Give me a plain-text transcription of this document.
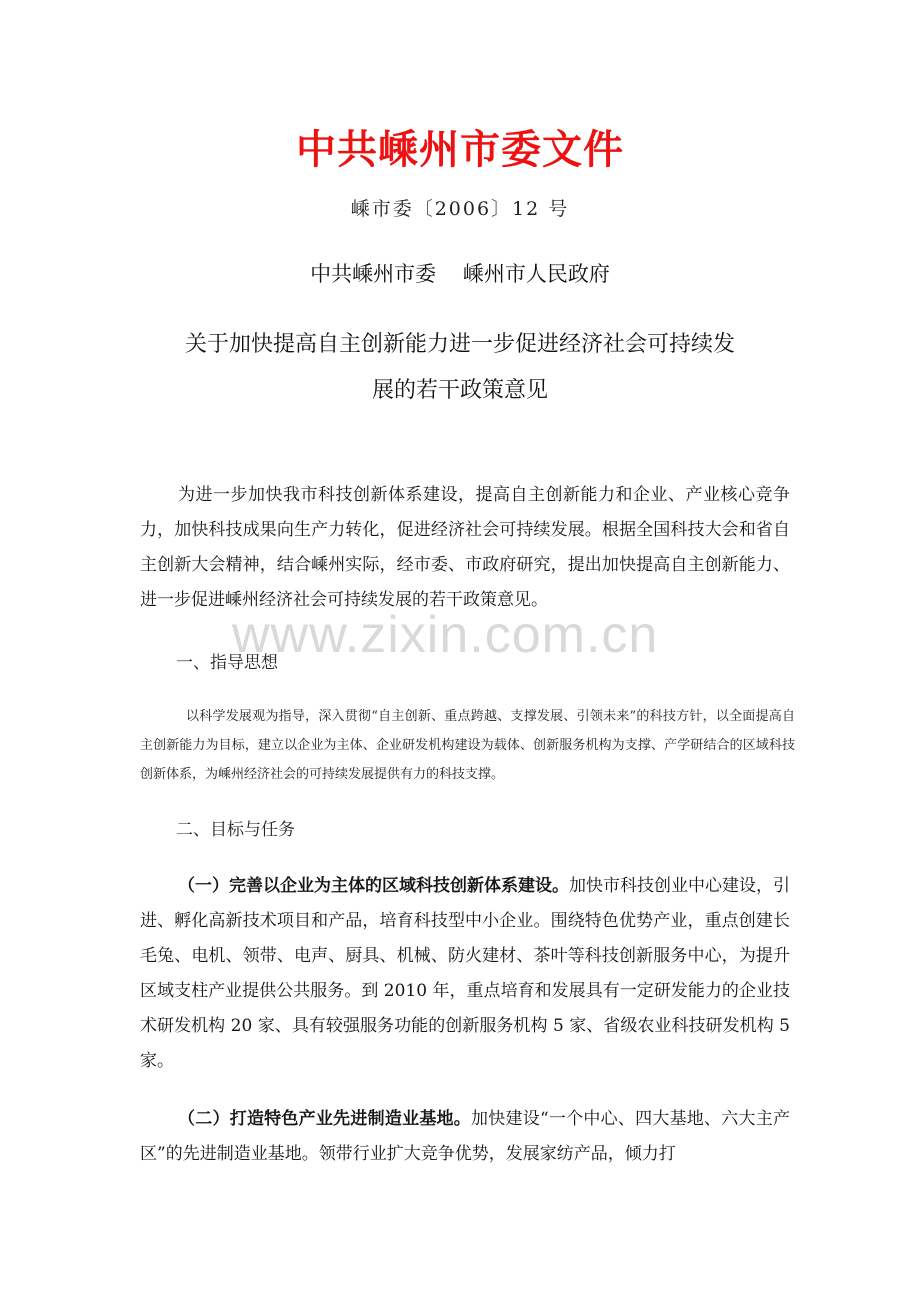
中共嵊州市委文件
嵊市委〔2006〕12 号
中共嵊州市委 嵊州市人民政府
关于加快提高自主创新能力进一步促进经济社会可持续发
展的若干政策意见
为进一步加快我市科技创新体系建设，提高自主创新能力和企业、产业核心竞争力，加快科技成果向生产力转化，促进经济社会可持续发展。根据全国科技大会和省自主创新大会精神，结合嵊州实际，经市委、市政府研究，提出加快提高自主创新能力、进一步促进嵊州经济社会可持续发展的若干政策意见。
www.zixin.com.cn
一、指导思想
以科学发展观为指导，深入贯彻“自主创新、重点跨越、支撑发展、引领未来”的科技方针，以全面提高自主创新能力为目标，建立以企业为主体、企业研发机构建设为载体、创新服务机构为支撑、产学研结合的区域科技创新体系，为嵊州经济社会的可持续发展提供有力的科技支撑。
二、目标与任务
（一）完善以企业为主体的区域科技创新体系建设。加快市科技创业中心建设，引进、孵化高新技术项目和产品，培育科技型中小企业。围绕特色优势产业，重点创建长毛兔、电机、领带、电声、厨具、机械、防火建材、茶叶等科技创新服务中心，为提升区域支柱产业提供公共服务。到 2010 年，重点培育和发展具有一定研发能力的企业技术研发机构 20 家、具有较强服务功能的创新服务机构 5 家、省级农业科技研发机构 5 家。
（二）打造特色产业先进制造业基地。加快建设“一个中心、四大基地、六大主产区”的先进制造业基地。领带行业扩大竞争优势，发展家纺产品，倾力打
